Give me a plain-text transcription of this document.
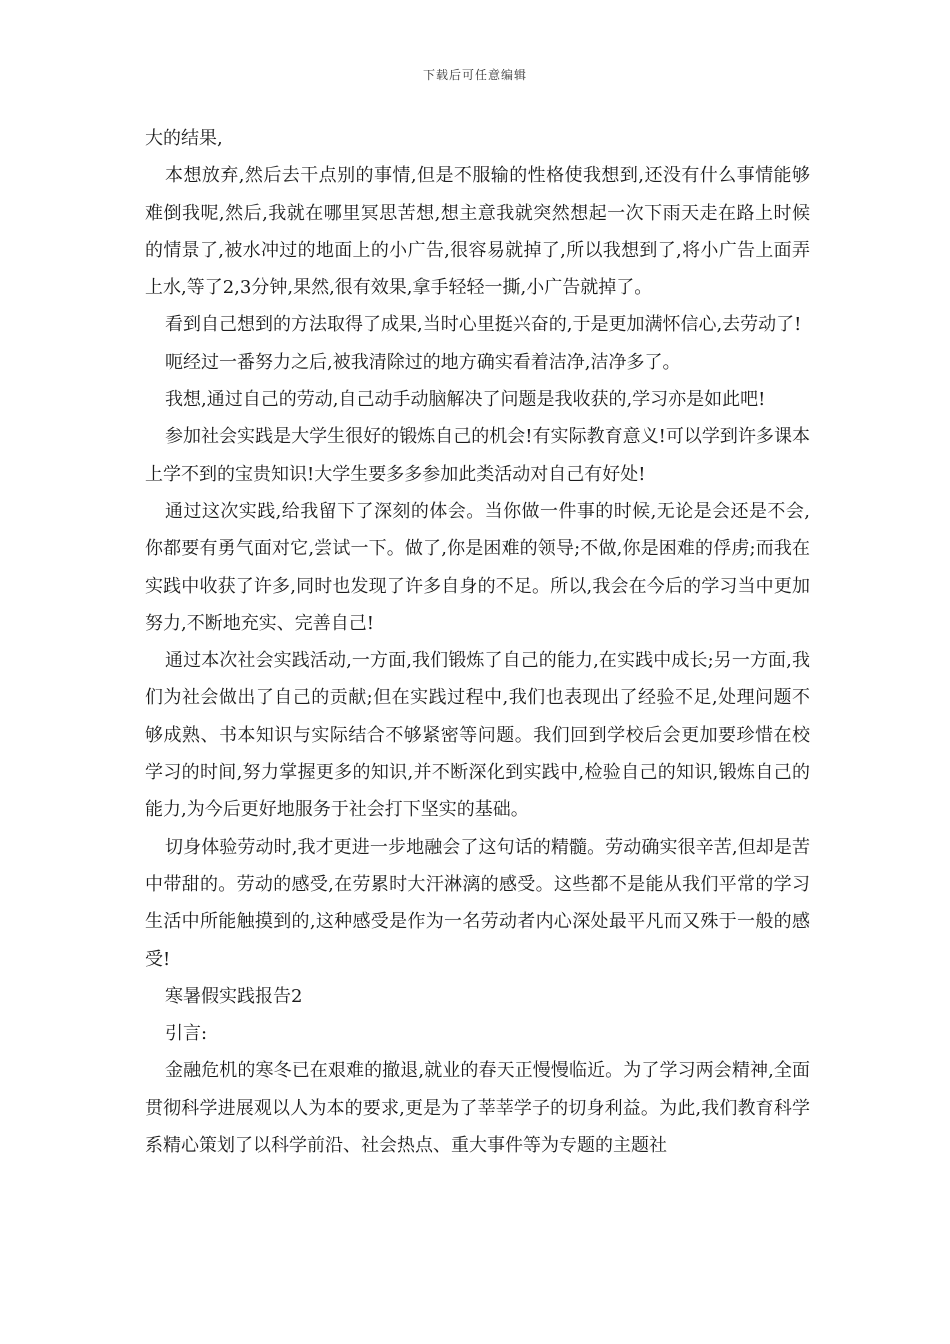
下载后可任意编辑

大的结果,

本想放弃,然后去干点别的事情,但是不服输的性格使我想到,还没有什么事情能够难倒我呢,然后,我就在哪里冥思苦想,想主意我就突然想起一次下雨天走在路上时候的情景了,被水冲过的地面上的小广告,很容易就掉了,所以我想到了,将小广告上面弄上水,等了2,3分钟,果然,很有效果,拿手轻轻一撕,小广告就掉了。

看到自己想到的方法取得了成果,当时心里挺兴奋的,于是更加满怀信心,去劳动了!

呃经过一番努力之后,被我清除过的地方确实看着洁净,洁净多了。

我想,通过自己的劳动,自己动手动脑解决了问题是我收获的,学习亦是如此吧!

参加社会实践是大学生很好的锻炼自己的机会!有实际教育意义!可以学到许多课本上学不到的宝贵知识!大学生要多多参加此类活动对自己有好处!

通过这次实践,给我留下了深刻的体会。当你做一件事的时候,无论是会还是不会,你都要有勇气面对它,尝试一下。做了,你是困难的领导;不做,你是困难的俘虏;而我在实践中收获了许多,同时也发现了许多自身的不足。所以,我会在今后的学习当中更加努力,不断地充实、完善自己!

通过本次社会实践活动,一方面,我们锻炼了自己的能力,在实践中成长;另一方面,我们为社会做出了自己的贡献;但在实践过程中,我们也表现出了经验不足,处理问题不够成熟、书本知识与实际结合不够紧密等问题。我们回到学校后会更加要珍惜在校学习的时间,努力掌握更多的知识,并不断深化到实践中,检验自己的知识,锻炼自己的能力,为今后更好地服务于社会打下坚实的基础。

切身体验劳动时,我才更进一步地融会了这句话的精髓。劳动确实很辛苦,但却是苦中带甜的。劳动的感受,在劳累时大汗淋漓的感受。这些都不是能从我们平常的学习生活中所能触摸到的,这种感受是作为一名劳动者内心深处最平凡而又殊于一般的感受!

寒暑假实践报告2

引言:

金融危机的寒冬已在艰难的撤退,就业的春天正慢慢临近。为了学习两会精神,全面贯彻科学进展观以人为本的要求,更是为了莘莘学子的切身利益。为此,我们教育科学系精心策划了以科学前沿、社会热点、重大事件等为专题的主题社
